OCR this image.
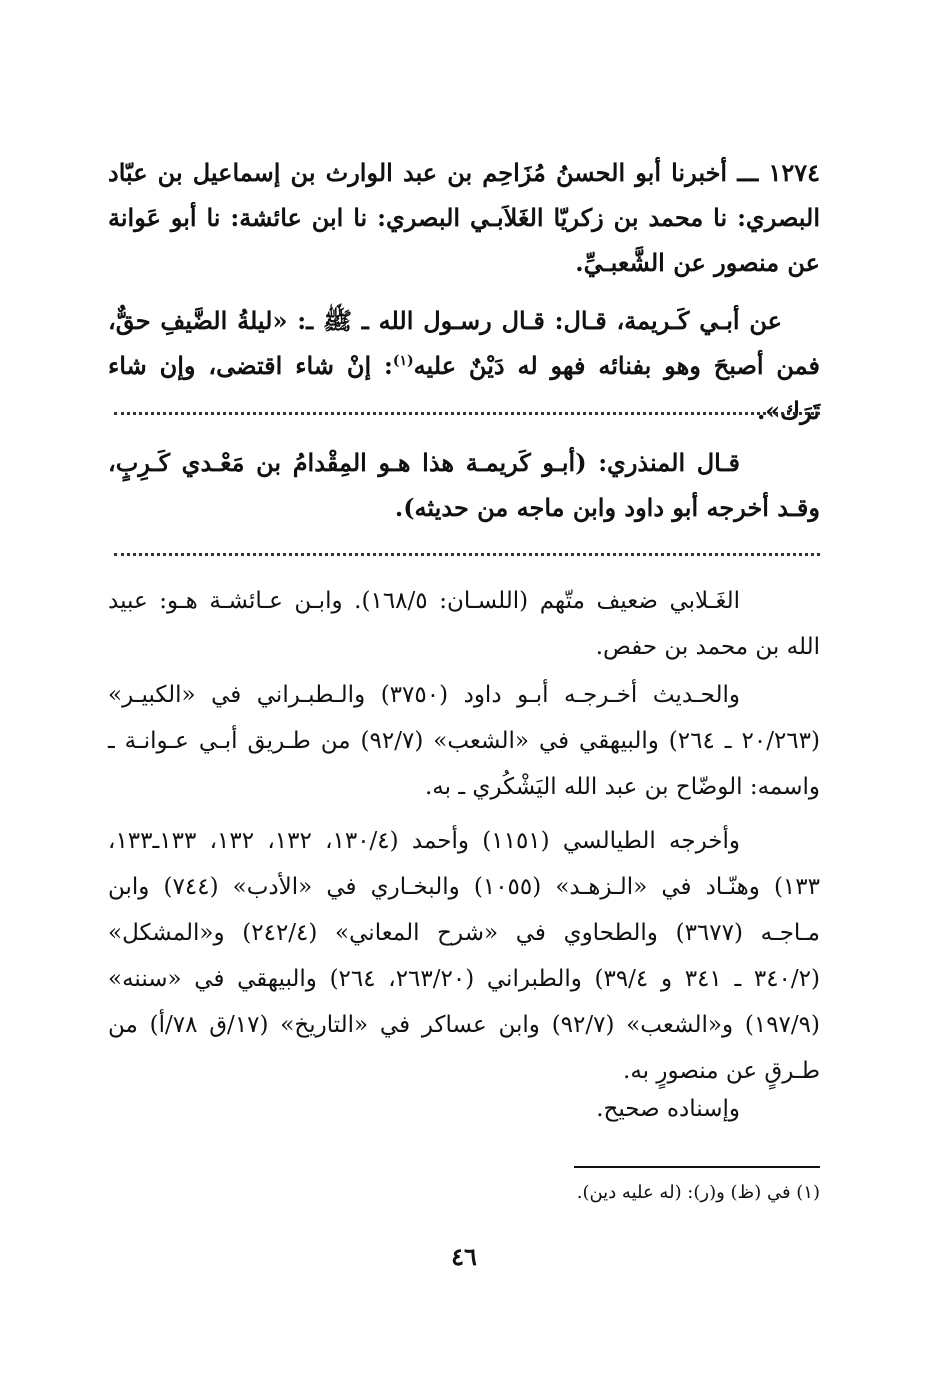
١٢٧٤ ـــ أخبرنا أبو الحسنُ مُزَاحِم بن عبد الوارث بن إسماعيل بن عبّاد البصري: نا محمد بن زكريّا الغَلاَبـي البصري: نا ابن عائشة: نا أبو عَوانة عن منصور عن الشَّعبـيِّ.

عن أبـي كَـريمة، قـال: قـال رسـول الله ـ ﷺ ـ: «ليلةُ الضَّيفِ حقٌّ، فمن أصبحَ وهو بفنائه فهو له دَيْنٌ عليه$^{(١)}$: إنْ شاء اقتضى، وإن شاء تَرَك».

قـال المنذري: (أبـو كَريمـة هذا هـو المِقْدامُ بن مَعْـدي كَـرِبٍ، وقـد أخرجه أبو داود وابن ماجه من حديثه).

الغَـلابي ضعيف متّهم (اللسـان: ١٦٨/٥). وابـن عـائشـة هـو: عبيد الله بن محمد بن حفص.

والحـديث أخـرجـه أبـو داود (٣٧٥٠) والـطبـراني في «الكبيـر» (٢٠/٢٦٣ ـ ٢٦٤) والبيهقي في «الشعب» (٩٢/٧) من طـريق أبـي عـوانـة ـ واسمه: الوضّاح بن عبد الله اليَشْكُري ـ به.

وأخرجه الطيالسي (١١٥١) وأحمد (١٣٠/٤، ١٣٢، ١٣٢، ١٣٣ـ١٣٣، ١٣٣) وهنّـاد في «الـزهـد» (١٠٥٥) والبخـاري في «الأدب» (٧٤٤) وابن مـاجـه (٣٦٧٧) والطحاوي في «شرح المعاني» (٢٤٢/٤) و«المشكل» (٣٤٠/٢ ـ ٣٤١ و ٣٩/٤) والطبراني (٢٦٣/٢٠، ٢٦٤) والبيهقي في «سننه» (١٩٧/٩) و«الشعب» (٩٢/٧) وابن عساكر في «التاريخ» (١٧/ق ٧٨/أ) من طـرقٍ عن منصورٍ به.

وإسناده صحيح.

(١) في (ظ) و(ر): (له عليه دين).

٤٦
